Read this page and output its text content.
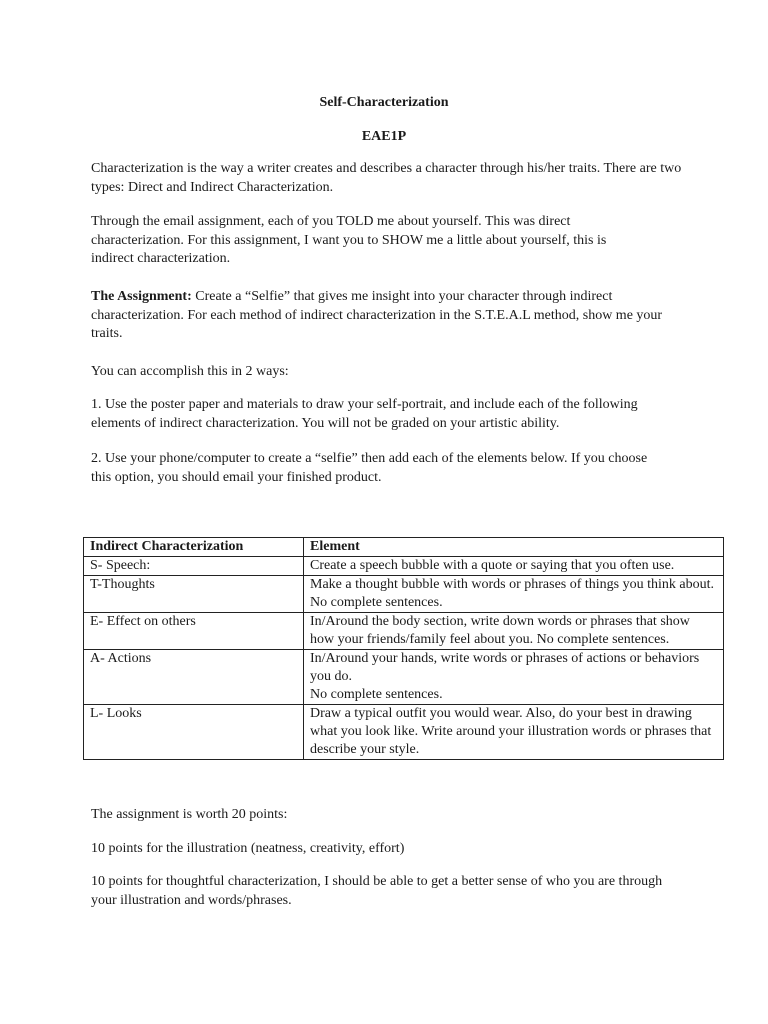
Self-Characterization
EAE1P

Characterization is the way a writer creates and describes a character through his/her traits. There are two types: Direct and Indirect Characterization.

Through the email assignment, each of you TOLD me about yourself. This was direct characterization. For this assignment, I want you to SHOW me a little about yourself, this is indirect characterization.

The Assignment: Create a “Selfie” that gives me insight into your character through indirect characterization. For each method of indirect characterization in the S.T.E.A.L method, show me your traits.

You can accomplish this in 2 ways:

1. Use the poster paper and materials to draw your self-portrait, and include each of the following elements of indirect characterization. You will not be graded on your artistic ability.

2. Use your phone/computer to create a “selfie” then add each of the elements below. If you choose this option, you should email your finished product.

Indirect Characterization	Element
S- Speech:	Create a speech bubble with a quote or saying that you often use.
T-Thoughts	Make a thought bubble with words or phrases of things you think about. No complete sentences.
E- Effect on others	In/Around the body section, write down words or phrases that show how your friends/family feel about you. No complete sentences.
A- Actions	In/Around your hands, write words or phrases of actions or behaviors you do.
No complete sentences.

L- Looks	Draw a typical outfit you would wear. Also, do your best in drawing what you look like. Write around your illustration words or phrases that describe your style.

The assignment is worth 20 points:

10 points for the illustration (neatness, creativity, effort)

10 points for thoughtful characterization, I should be able to get a better sense of who you are through your illustration and words/phrases.
